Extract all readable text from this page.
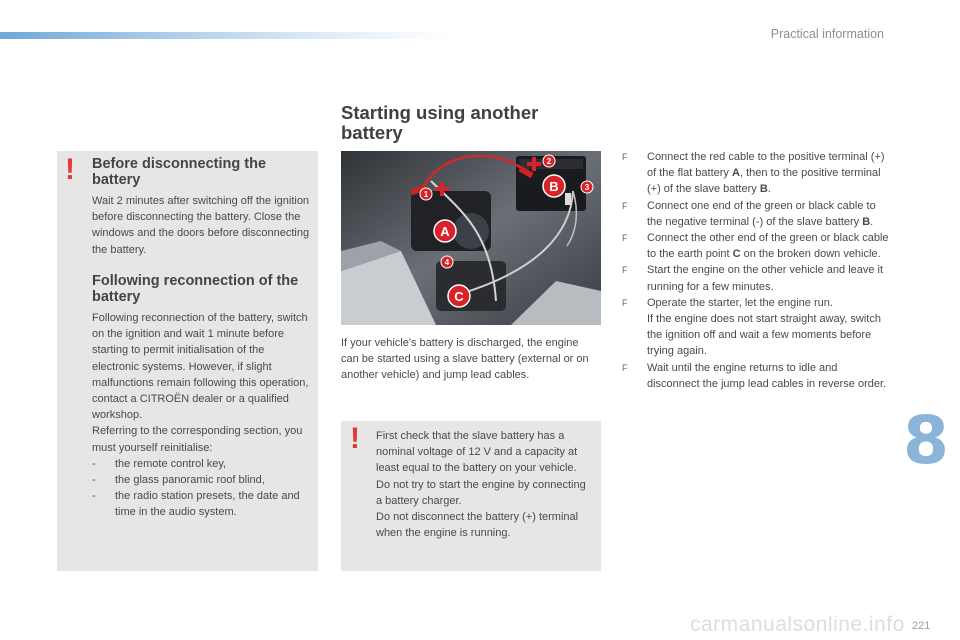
Practical information
! Before disconnecting the battery
Wait 2 minutes after switching off the ignition before disconnecting the battery. Close the windows and the doors before disconnecting the battery.
Following reconnection of the battery
Following reconnection of the battery, switch on the ignition and wait 1 minute before starting to permit initialisation of the electronic systems. However, if slight malfunctions remain following this operation, contact a CITROËN dealer or a qualified workshop.
Referring to the corresponding section, you must yourself reinitialise:
- the remote control key,
- the glass panoramic roof blind,
- the radio station presets, the date and time in the audio system.
Starting using another battery
A
B
C
1
2
3
4
If your vehicle's battery is discharged, the engine can be started using a slave battery (external or on another vehicle) and jump lead cables.
! First check that the slave battery has a nominal voltage of 12 V and a capacity at least equal to the battery on your vehicle.
Do not try to start the engine by connecting a battery charger.
Do not disconnect the battery (+) terminal when the engine is running.
F Connect the red cable to the positive terminal (+) of the flat battery A, then to the positive terminal (+) of the slave battery B.
F Connect one end of the green or black cable to the negative terminal (-) of the slave battery B.
F Connect the other end of the green or black cable to the earth point C on the broken down vehicle.
F Start the engine on the other vehicle and leave it running for a few minutes.
F Operate the starter, let the engine run.
If the engine does not start straight away, switch the ignition off and wait a few moments before trying again.
F Wait until the engine returns to idle and disconnect the jump lead cables in reverse order.
8
carmanualsonline.info 221
